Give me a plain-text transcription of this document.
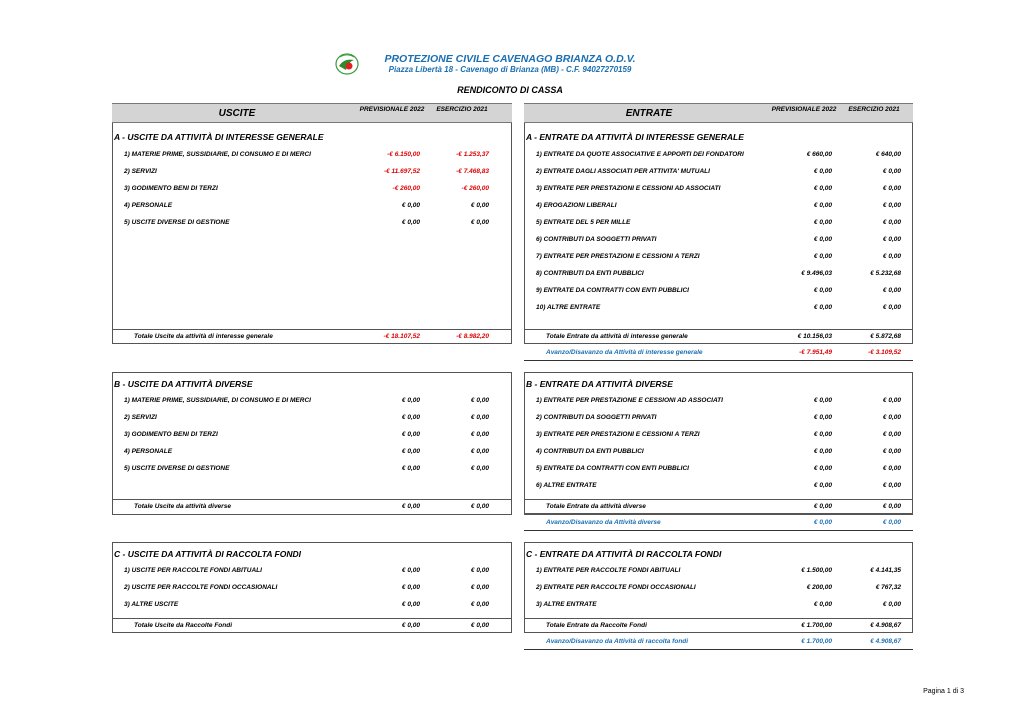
PROTEZIONE CIVILE CAVENAGO BRIANZA O.D.V.
Piazza Libertà 18 - Cavenago di Brianza (MB) - C.F. 94027270159
RENDICONTO DI CASSA
USCITE	PREVISIONALE 2022	ESERCIZIO 2021	ENTRATE	PREVISIONALE 2022	ESERCIZIO 2021
A - USCITE DA ATTIVITÀ DI INTERESSE GENERALE	A - ENTRATE DA ATTIVITÀ DI INTERESSE GENERALE
1) MATERIE PRIME, SUSSIDIARIE, DI CONSUMO E DI MERCI	-€ 6.150,00	-€ 1.253,37
2) SERVIZI	-€ 11.697,52	-€ 7.468,83
3) GODIMENTO BENI DI TERZI	-€ 260,00	-€ 260,00
4) PERSONALE	€ 0,00	€ 0,00
5) USCITE DIVERSE DI GESTIONE	€ 0,00	€ 0,00
1) ENTRATE DA QUOTE ASSOCIATIVE E APPORTI DEI FONDATORI	€ 660,00	€ 640,00
2) ENTRATE DAGLI ASSOCIATI PER ATTIVITA' MUTUALI	€ 0,00	€ 0,00
3) ENTRATE PER PRESTAZIONI E CESSIONI AD ASSOCIATI	€ 0,00	€ 0,00
4) EROGAZIONI LIBERALI	€ 0,00	€ 0,00
5) ENTRATE DEL 5 PER MILLE	€ 0,00	€ 0,00
6) CONTRIBUTI DA SOGGETTI PRIVATI	€ 0,00	€ 0,00
7) ENTRATE PER PRESTAZIONI E CESSIONI A TERZI	€ 0,00	€ 0,00
8) CONTRIBUTI DA ENTI PUBBLICI	€ 9.496,03	€ 5.232,68
9) ENTRATE DA CONTRATTI CON ENTI PUBBLICI	€ 0,00	€ 0,00
10) ALTRE ENTRATE	€ 0,00	€ 0,00
Totale Uscite da attività di interesse generale	-€ 18.107,52	-€ 8.982,20	Totale Entrate da attività di interesse generale	€ 10.156,03	€ 5.872,68
Avanzo/Disavanzo da Attività di interesse generale	-€ 7.951,49	-€ 3.109,52
B - USCITE DA ATTIVITÀ DIVERSE	B - ENTRATE DA ATTIVITÀ DIVERSE
1) MATERIE PRIME, SUSSIDIARIE, DI CONSUMO E DI MERCI	€ 0,00	€ 0,00
2) SERVIZI	€ 0,00	€ 0,00
3) GODIMENTO BENI DI TERZI	€ 0,00	€ 0,00
4) PERSONALE	€ 0,00	€ 0,00
5) USCITE DIVERSE DI GESTIONE	€ 0,00	€ 0,00
1) ENTRATE PER PRESTAZIONE E CESSIONI AD ASSOCIATI	€ 0,00	€ 0,00
2) CONTRIBUTI DA SOGGETTI PRIVATI	€ 0,00	€ 0,00
3) ENTRATE PER PRESTAZIONI E CESSIONI A TERZI	€ 0,00	€ 0,00
4) CONTRIBUTI DA ENTI PUBBLICI	€ 0,00	€ 0,00
5) ENTRATE DA CONTRATTI CON ENTI PUBBLICI	€ 0,00	€ 0,00
6) ALTRE ENTRATE	€ 0,00	€ 0,00
Totale Uscite da attività diverse	€ 0,00	€ 0,00	Totale Entrate da attività diverse	€ 0,00	€ 0,00
Avanzo/Disavanzo da Attività diverse	€ 0,00	€ 0,00
C - USCITE DA ATTIVITÀ DI RACCOLTA FONDI	C - ENTRATE DA ATTIVITÀ DI RACCOLTA FONDI
1) USCITE PER RACCOLTE FONDI ABITUALI	€ 0,00	€ 0,00
2) USCITE PER RACCOLTE FONDI OCCASIONALI	€ 0,00	€ 0,00
3) ALTRE USCITE	€ 0,00	€ 0,00
1) ENTRATE PER RACCOLTE FONDI ABITUALI	€ 1.500,00	€ 4.141,35
2) ENTRATE PER RACCOLTE FONDI OCCASIONALI	€ 200,00	€ 767,32
3) ALTRE ENTRATE	€ 0,00	€ 0,00
Totale Uscite da Raccolte Fondi	€ 0,00	€ 0,00	Totale Entrate da Raccolte Fondi	€ 1.700,00	€ 4.908,67
Avanzo/Disavanzo da Attività di raccolta fondi	€ 1.700,00	€ 4.908,67
Pagina 1 di 3
